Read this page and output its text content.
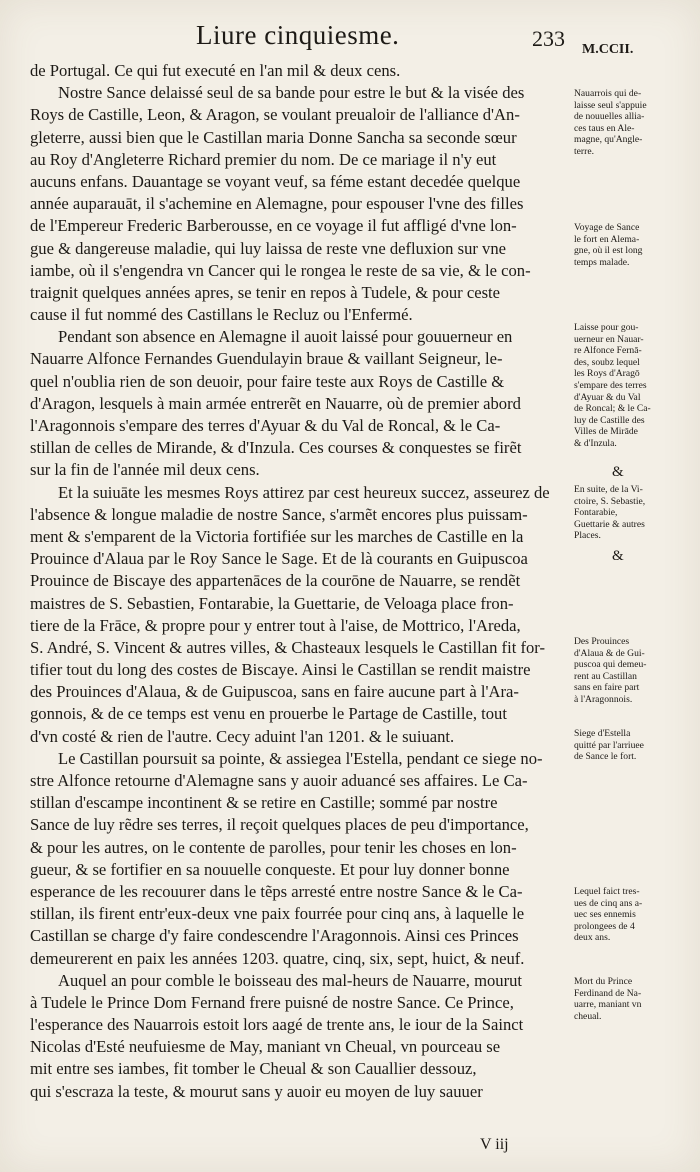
Liure cinquiesme.	233 M.CCII.
de Portugal. Ce qui fut executé en l'an mil & deux cens.
Nostre Sance delaissé seul de sa bande pour estre le but & la visée des
Roys de Castille, Leon, & Aragon, se voulant preualoir de l'alliance d'An-
gleterre, aussi bien que le Castillan maria Donne Sancha sa seconde sœur
au Roy d'Angleterre Richard premier du nom. De ce mariage il n'y eut
aucuns enfans. Dauantage se voyant veuf, sa féme estant decedée quelque
année auparauāt, il s'achemine en Alemagne, pour espouser l'vne des filles
de l'Empereur Frederic Barberousse, en ce voyage il fut affligé d'vne lon-
gue & dangereuse maladie, qui luy laissa de reste vne defluxion sur vne
iambe, où il s'engendra vn Cancer qui le rongea le reste de sa vie, & le con-
traignit quelques années apres, se tenir en repos à Tudele, & pour ceste
cause il fut nommé des Castillans le Recluz ou l'Enfermé.
Pendant son absence en Alemagne il auoit laissé pour gouuerneur en
Nauarre Alfonce Fernandes Guendulayin braue & vaillant Seigneur, le-
quel n'oublia rien de son deuoir, pour faire teste aux Roys de Castille &
d'Aragon, lesquels à main armée entrerẽt en Nauarre, où de premier abord
l'Aragonnois s'empare des terres d'Ayuar & du Val de Roncal, & le Ca-
stillan de celles de Mirande, & d'Inzula. Ces courses & conquestes se firẽt
sur la fin de l'année mil deux cens.
Et la suiuāte les mesmes Roys attirez par cest heureux succez, asseurez de
l'absence & longue maladie de nostre Sance, s'armẽt encores plus puissam-
ment & s'emparent de la Victoria fortifiée sur les marches de Castille en la
Prouince d'Alaua par le Roy Sance le Sage. Et de là courants en Guipuscoa
Prouince de Biscaye des appartenāces de la courōne de Nauarre, se rendẽt
maistres de S. Sebastien, Fontarabie, la Guettarie, de Veloaga place fron-
tiere de la Frāce, & propre pour y entrer tout à l'aise, de Mottrico, l'Areda,
S. André, S. Vincent & autres villes, & Chasteaux lesquels le Castillan fit for-
tifier tout du long des costes de Biscaye. Ainsi le Castillan se rendit maistre
des Prouinces d'Alaua, & de Guipuscoa, sans en faire aucune part à l'Ara-
gonnois, & de ce temps est venu en prouerbe le Partage de Castille, tout
d'vn costé & rien de l'autre. Cecy aduint l'an 1201. & le suiuant.
Le Castillan poursuit sa pointe, & assiegea l'Estella, pendant ce siege no-
stre Alfonce retourne d'Alemagne sans y auoir aduancé ses affaires. Le Ca-
stillan d'escampe incontinent & se retire en Castille; sommé par nostre
Sance de luy rẽdre ses terres, il reçoit quelques places de peu d'importance,
& pour les autres, on le contente de parolles, pour tenir les choses en lon-
gueur, & se fortifier en sa nouuelle conqueste. Et pour luy donner bonne
esperance de les recouurer dans le tẽps arresté entre nostre Sance & le Ca-
stillan, ils firent entr'eux-deux vne paix fourrée pour cinq ans, à laquelle le
Castillan se charge d'y faire condescendre l'Aragonnois. Ainsi ces Princes
demeurerent en paix les années 1203. quatre, cinq, six, sept, huict, & neuf.
Auquel an pour comble le boisseau des mal-heurs de Nauarre, mourut
à Tudele le Prince Dom Fernand frere puisné de nostre Sance. Ce Prince,
l'esperance des Nauarrois estoit lors aagé de trente ans, le iour de la Sainct
Nicolas d'Esté neufuiesme de May, maniant vn Cheual, vn pourceau se
mit entre ses iambes, fit tomber le Cheual & son Cauallier dessouz,
qui s'escraza la teste, & mourut sans y auoir eu moyen de luy sauuer
Nauarrois qui de-
laisse seul s'appuie
de nouuelles allia-
ces taus en Ale-
magne, qu'Angle-
terre.
Voyage de Sance
le fort en Alema-
gne, où il est long
temps malade.
Laisse pour gou-
uerneur en Nauar-
re Alfonce Fernā-
des, soubz lequel
les Roys d'Aragō
s'empare des terres
d'Ayuar & du Val
de Roncal; & le Ca-
luy de Castille des
Villes de Mirāde
& d'Inzula.
En suite, de la Vi-
ctoire, S. Sebastie,
Fontarabie,
Guettarie & autres
Places.
Des Prouinces
d'Alaua & de Gui-
puscoa qui demeu-
rent au Castillan
sans en faire part
à l'Aragonnois.
Siege d'Estella
quitté par l'arriuee
de Sance le fort.
Lequel faict tres-
ues de cinq ans a-
uec ses ennemis
prolongees de 4
deux ans.
Mort du Prince
Ferdinand de Na-
uarre, maniant vn
cheual.
&
&
V iij
